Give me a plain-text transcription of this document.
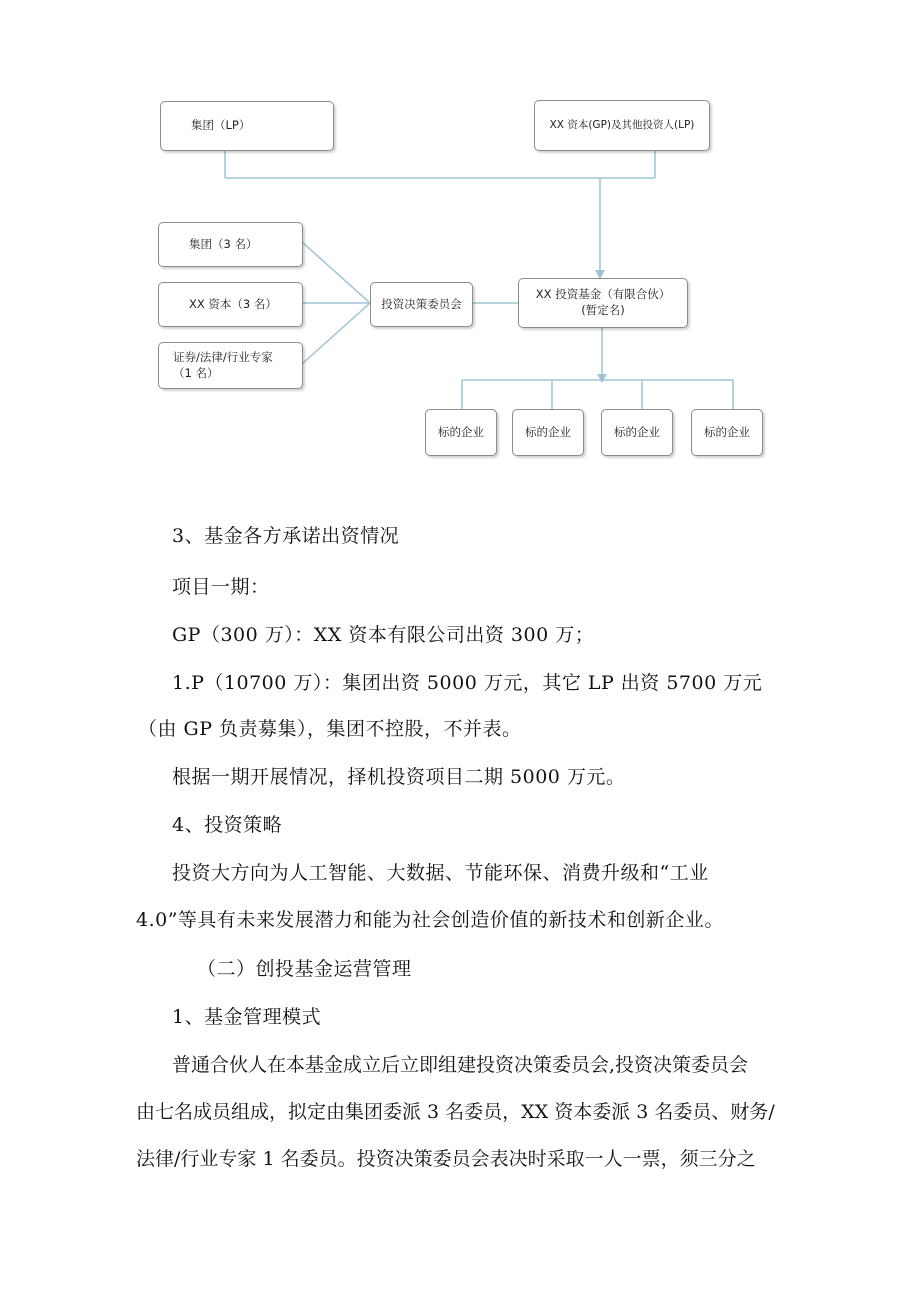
集团（LP）	XX 资本(GP)及其他投资人(LP)
集团（3 名）
XX 资本（3 名）
证券/法律/行业专家（1 名）
投资决策委员会
XX 投资基金（有限合伙）
(暂定名)
标的企业	标的企业	标的企业	标的企业
3、基金各方承诺出资情况
项目一期：
GP（300 万）：XX 资本有限公司出资 300 万；
1.P（10700 万）：集团出资 5000 万元，其它 LP 出资 5700 万元
（由 GP 负责募集），集团不控股，不并表。
根据一期开展情况，择机投资项目二期 5000 万元。
4、投资策略
投资大方向为人工智能、大数据、节能环保、消费升级和“工业
4.0”等具有未来发展潜力和能为社会创造价值的新技术和创新企业。
（二）创投基金运营管理
1、基金管理模式
普通合伙人在本基金成立后立即组建投资决策委员会,投资决策委员会
由七名成员组成，拟定由集团委派 3 名委员，XX 资本委派 3 名委员、财务/
法律/行业专家 1 名委员。投资决策委员会表决时采取一人一票，须三分之
